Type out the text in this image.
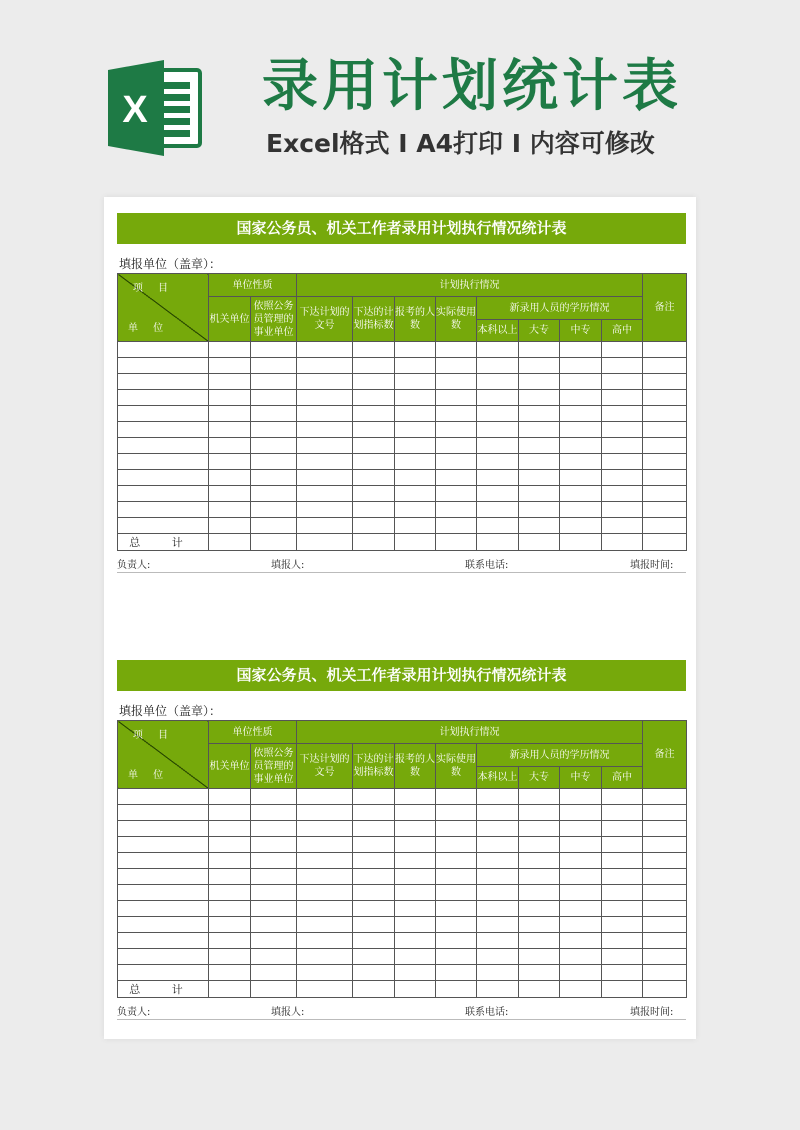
X 录用计划统计表
Excel格式 Ⅰ A4打印 Ⅰ 内容可修改
国家公务员、机关工作者录用计划执行情况统计表
填报单位（盖章）：
项 目
单 位	单位性质		计划执行情况								备注
	机关单位	依照公务员管理的事业单位	下达计划的文号	下达的计划指标数	报考的人数	实际使用数	新录用人员的学历情况				
							本科以上	大专	中专	高中	

总 计											
负责人:	填报人:	联系电话:	填报时间:
国家公务员、机关工作者录用计划执行情况统计表
填报单位（盖章）：
项 目
单 位	单位性质		计划执行情况								备注
	机关单位	依照公务员管理的事业单位	下达计划的文号	下达的计划指标数	报考的人数	实际使用数	新录用人员的学历情况				
							本科以上	大专	中专	高中	

总 计											
负责人:	填报人:	联系电话:	填报时间:
